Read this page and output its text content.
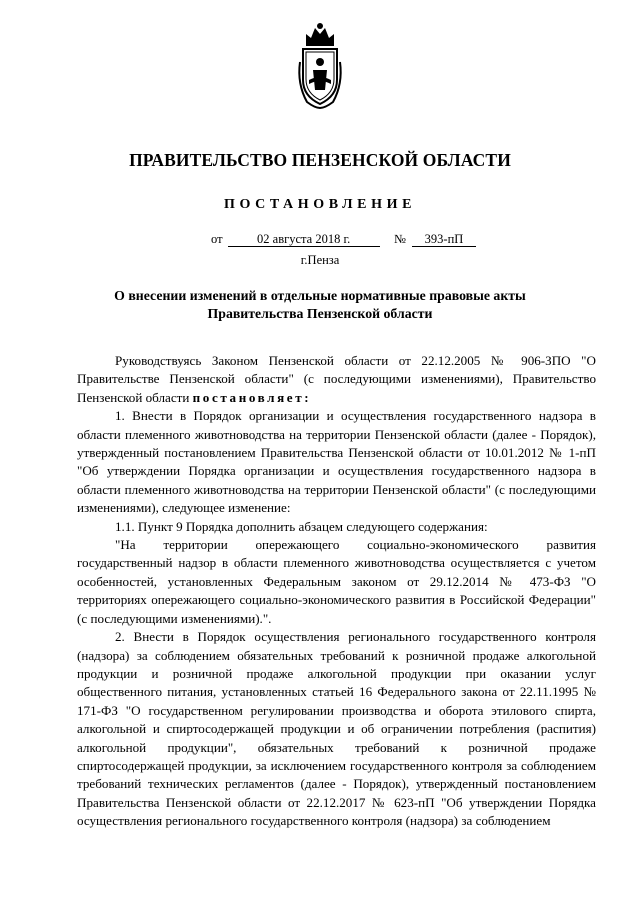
ПРАВИТЕЛЬСТВО ПЕНЗЕНСКОЙ ОБЛАСТИ
ПОСТАНОВЛЕНИЕ
от	02 августа 2018 г.	№ 393-пП
г.Пенза
О внесении изменений в отдельные нормативные правовые акты
Правительства Пензенской области

Руководствуясь Законом Пензенской области от 22.12.2005 № 906-ЗПО "О Правительстве Пензенской области" (с последующими изменениями), Правительство Пензенской области постановляет:

1. Внести в Порядок организации и осуществления государственного надзора в области племенного животноводства на территории Пензенской области (далее - Порядок), утвержденный постановлением Правительства Пензенской области от 10.01.2012 № 1-пП "Об утверждении Порядка организации и осуществления государственного надзора в области племенного животноводства на территории Пензенской области" (с последующими изменениями), следующее изменение:

1.1. Пункт 9 Порядка дополнить абзацем следующего содержания:

"На территории опережающего социально-экономического развития государственный надзор в области племенного животноводства осуществляется с учетом особенностей, установленных Федеральным законом от 29.12.2014 № 473-ФЗ "О территориях опережающего социально-экономического развития в Российской Федерации" (с последующими изменениями).".

2. Внести в Порядок осуществления регионального государственного контроля (надзора) за соблюдением обязательных требований к розничной продаже алкогольной продукции и розничной продаже алкогольной продукции при оказании услуг общественного питания, установленных статьей 16 Федерального закона от 22.11.1995 № 171-ФЗ "О государственном регулировании производства и оборота этилового спирта, алкогольной и спиртосодержащей продукции и об ограничении потребления (распития) алкогольной продукции", обязательных требований к розничной продаже спиртосодержащей продукции, за исключением государственного контроля за соблюдением требований технических регламентов (далее - Порядок), утвержденный постановлением Правительства Пензенской области от 22.12.2017 № 623-пП "Об утверждении Порядка осуществления регионального государственного контроля (надзора) за соблюдением
